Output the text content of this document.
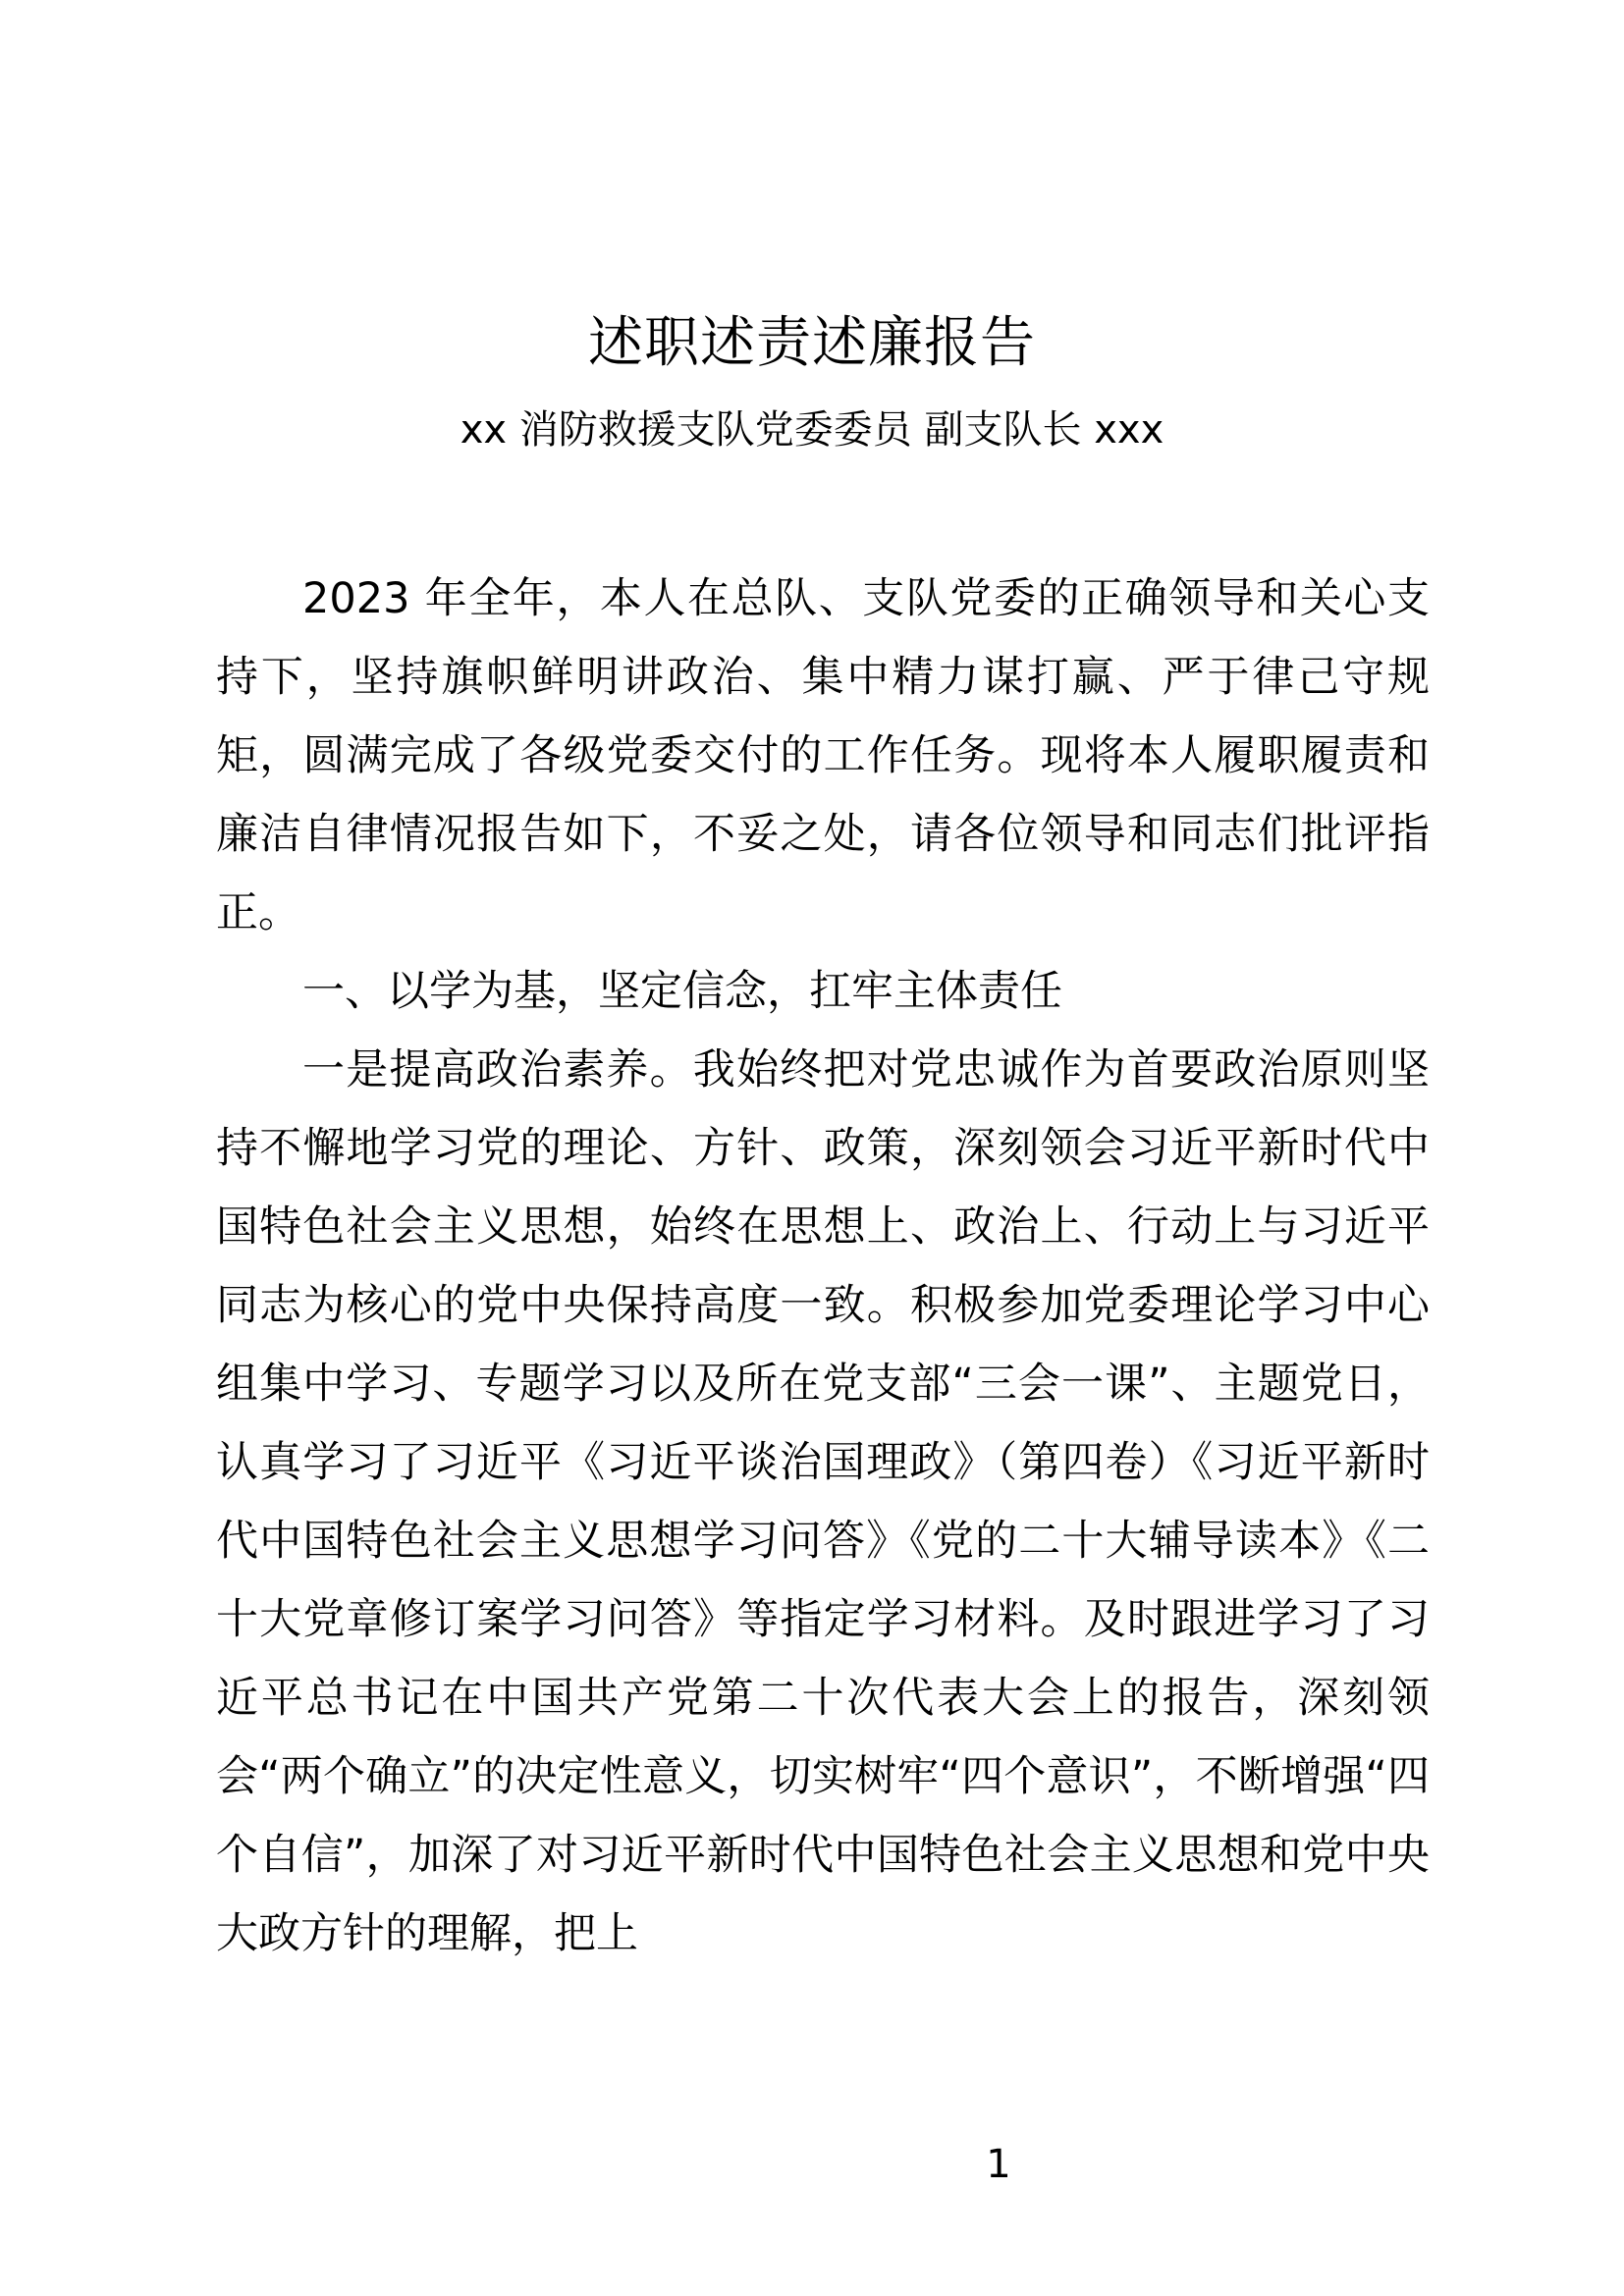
述职述责述廉报告
xx 消防救援支队党委委员 副支队长 xxx

2023 年全年，本人在总队、支队党委的正确领导和关心支持下，坚持旗帜鲜明讲政治、集中精力谋打赢、严于律己守规矩，圆满完成了各级党委交付的工作任务。现将本人履职履责和廉洁自律情况报告如下，不妥之处，请各位领导和同志们批评指正。

一、以学为基，坚定信念，扛牢主体责任

一是提高政治素养。我始终把对党忠诚作为首要政治原则坚持不懈地学习党的理论、方针、政策，深刻领会习近平新时代中国特色社会主义思想，始终在思想上、政治上、行动上与习近平同志为核心的党中央保持高度一致。积极参加党委理论学习中心组集中学习、专题学习以及所在党支部“三会一课”、主题党日，认真学习了习近平《习近平谈治国理政》（第四卷）《习近平新时代中国特色社会主义思想学习问答》《党的二十大辅导读本》《二十大党章修订案学习问答》等指定学习材料。及时跟进学习了习近平总书记在中国共产党第二十次代表大会上的报告，深刻领会“两个确立”的决定性意义，切实树牢“四个意识”，不断增强“四个自信”，加深了对习近平新时代中国特色社会主义思想和党中央大政方针的理解，把上

1
